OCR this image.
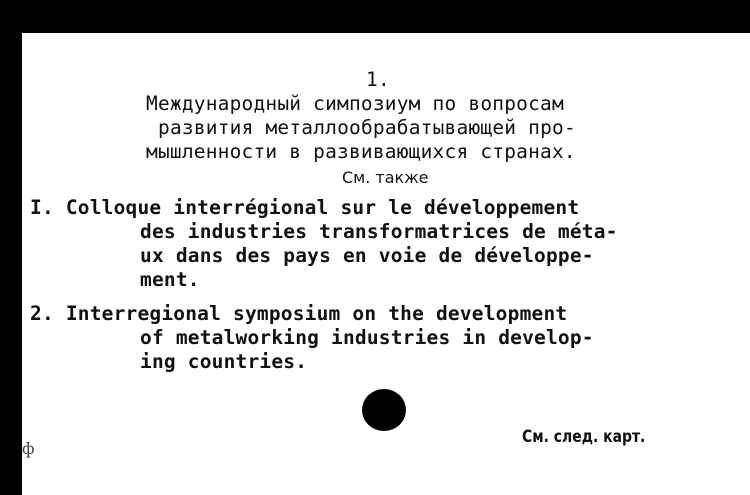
1.
Международный симпозиум по вопросам
развития металлообрабатывающей про-
мышленности в развивающихся странах.
См. также
I. Colloque interrégional sur le développement
des industries transformatrices de méta-
ux dans des pays en voie de développe-
ment.
2. Interregional symposium on the development
of metalworking industries in develop-
ing countries.
См. след. карт.
ф
